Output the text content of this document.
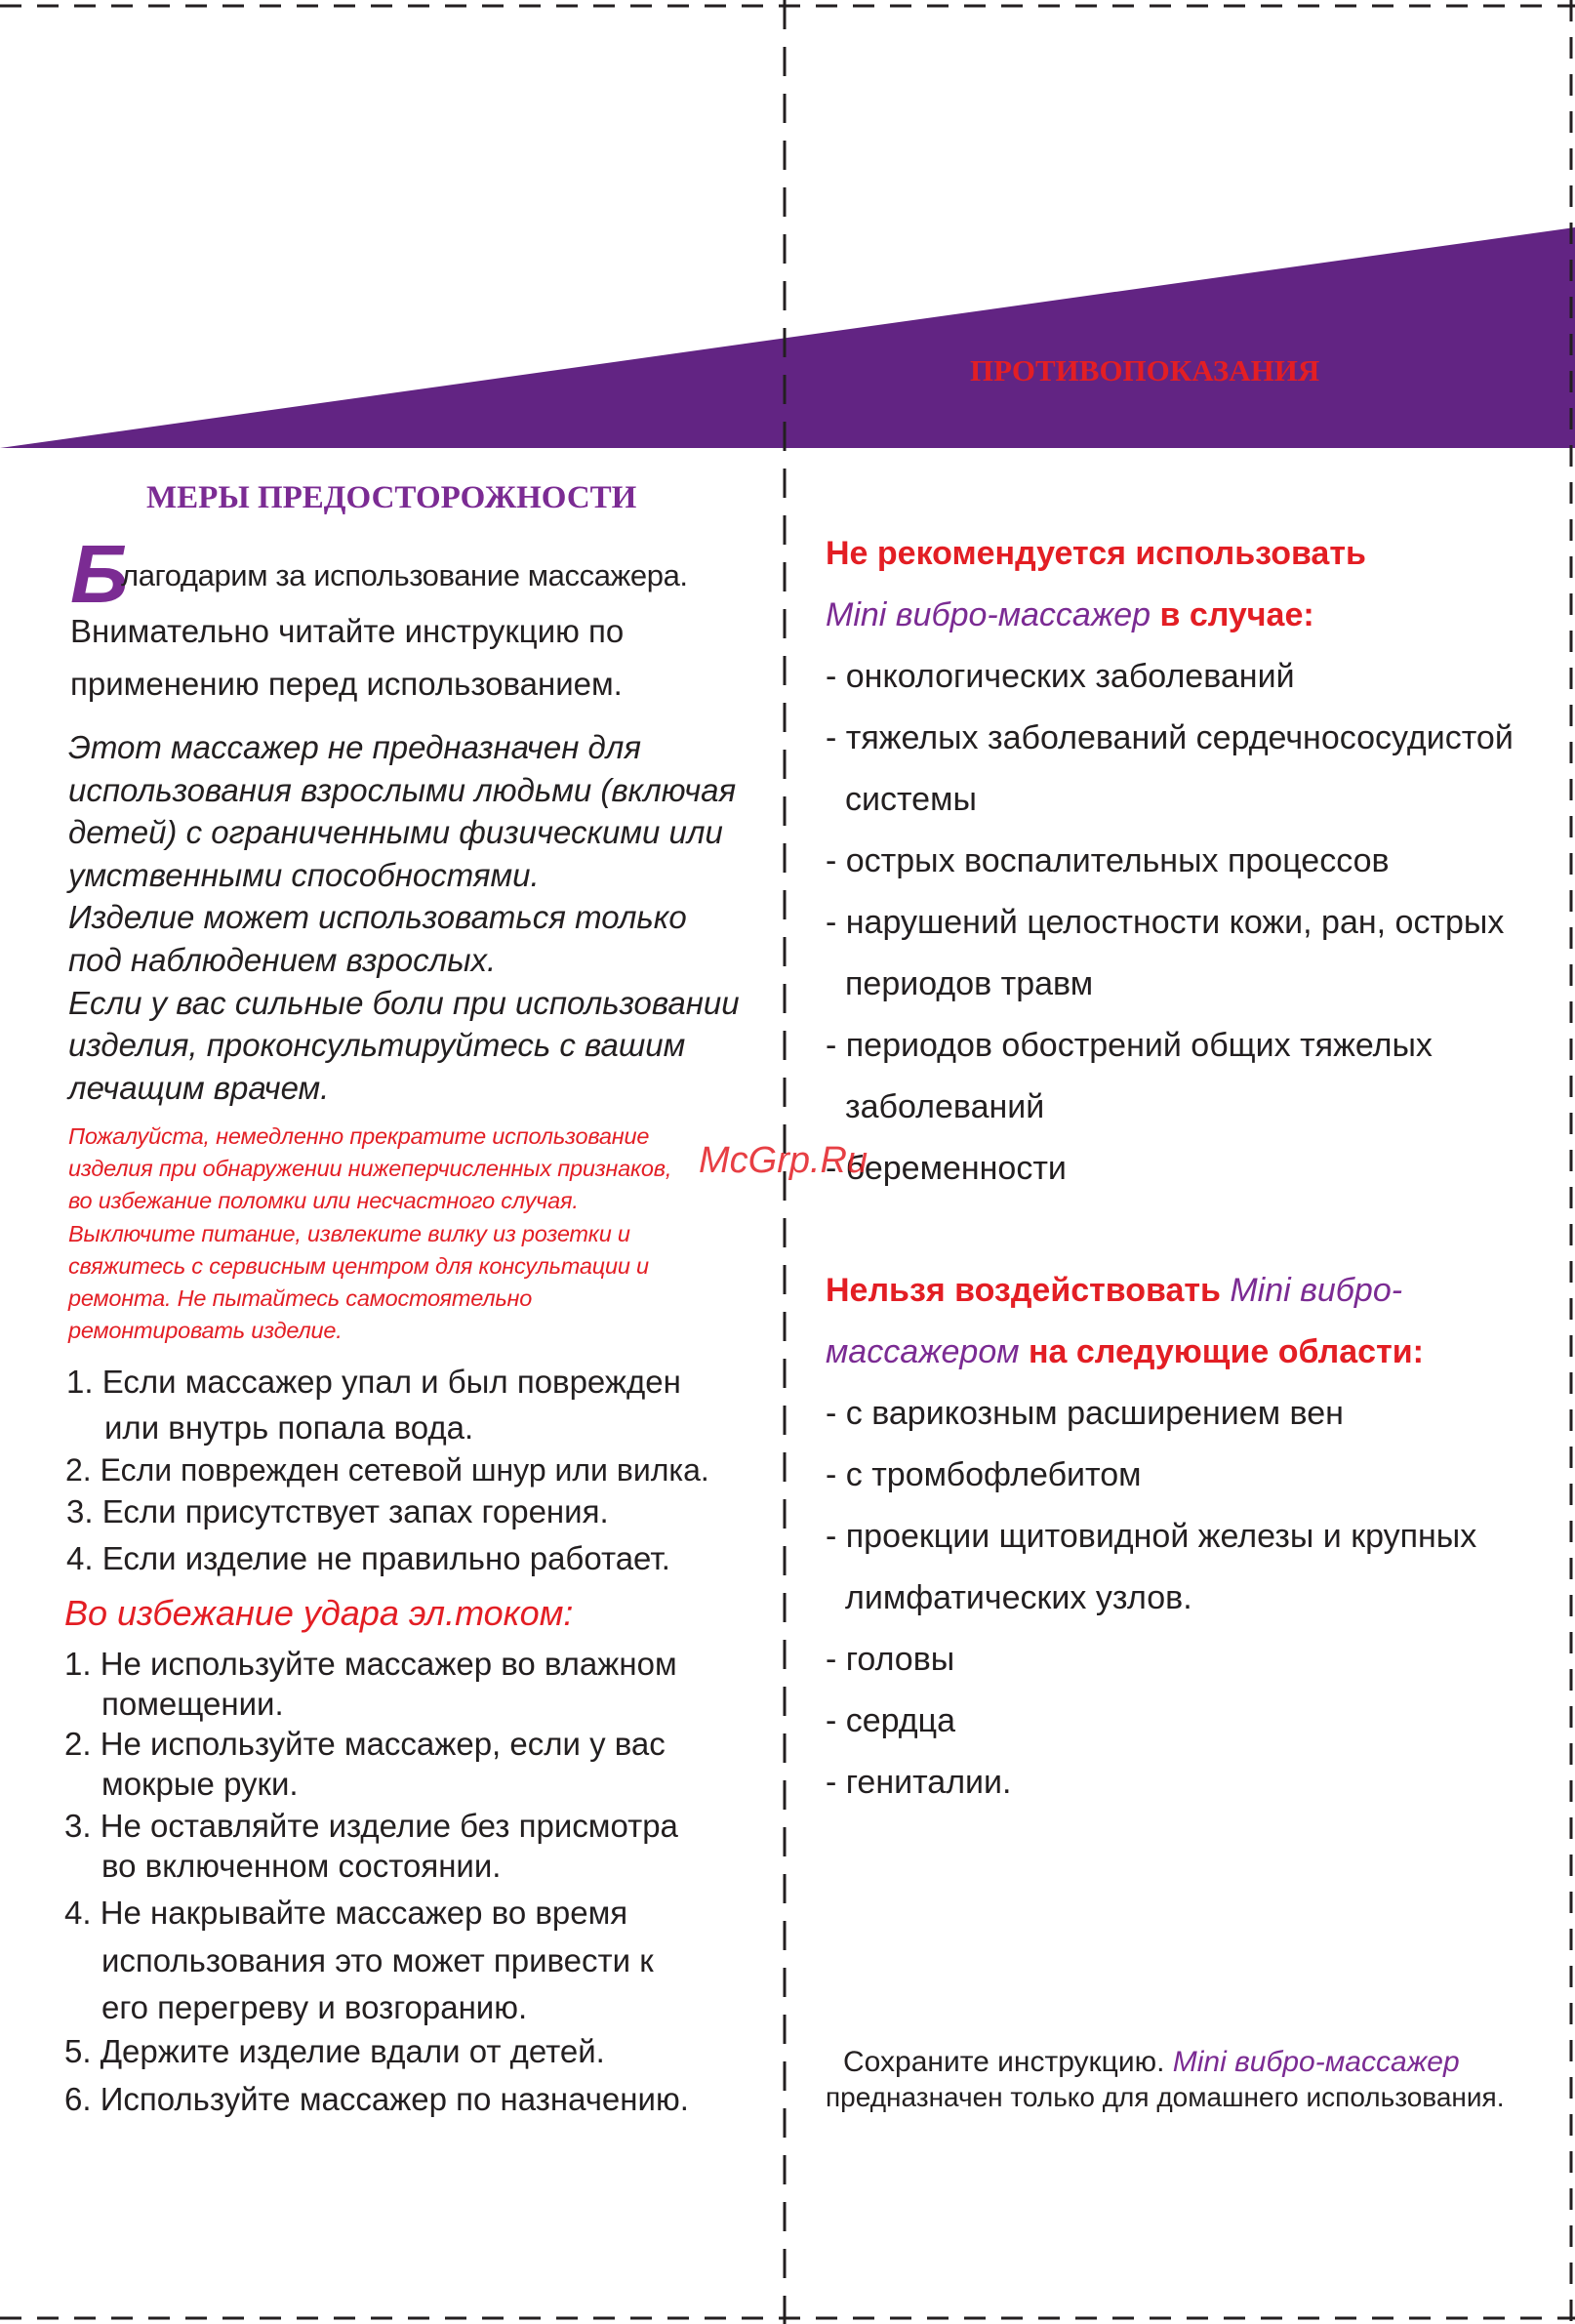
МЕРЫ ПРЕДОСТОРОЖНОСТИ
Б
лагодарим за использование массажера.
Внимательно читайте инструкцию по
применению перед использованием.
Этот массажер не предназначен для
использования взрослыми людьми (включая
детей) с ограниченными физическими или
умственными способностями.
Изделие может использоваться только
под наблюдением взрослых.
Если у вас сильные боли при использовании
изделия, проконсультируйтесь с вашим
лечащим врачем.
Пожалуйста, немедленно прекратите использование
изделия при обнаружении нижеперчисленных признаков,
во избежание поломки или несчастного случая.
Выключите питание, извлеките вилку из розетки и
свяжитесь с сервисным центром для консультации и
ремонта. Не пытайтесь самостоятельно
ремонтировать изделие.
1. Если массажер упал и был поврежден
или внутрь попала вода.
2. Если поврежден сетевой шнур или вилка.
3. Если присутствует запах горения.
4. Если изделие не правильно работает.
Во избежание удара эл.током:
1. Не используйте массажер во влажном
помещении.
2. Не используйте массажер, если у вас
мокрые руки.
3. Не оставляйте изделие без присмотра
во включенном состоянии.
4. Не накрывайте массажер во время
использования это может привести к
его перегреву и возгоранию.
5. Держите изделие вдали от детей.
6. Используйте массажер по назначению.
ПРОТИВОПОКАЗАНИЯ
Не рекомендуется использовать
Mini вибро-массажер в случае:
- онкологических заболеваний
- тяжелых заболеваний сердечнососудистой
системы
- острых воспалительных процессов
- нарушений целостности кожи, ран, острых
периодов травм
- периодов обострений общих тяжелых
заболеваний
- беременности
Нельзя воздействовать Mini вибро-
массажером на следующие области:
- с варикозным расширением вен
- с тромбофлебитом
- проекции щитовидной железы и крупных
лимфатических узлов.
- головы
- сердца
- гениталии.
Сохраните инструкцию. Mini вибро-массажер
предназначен только для домашнего использования.
McGrp.Ru
